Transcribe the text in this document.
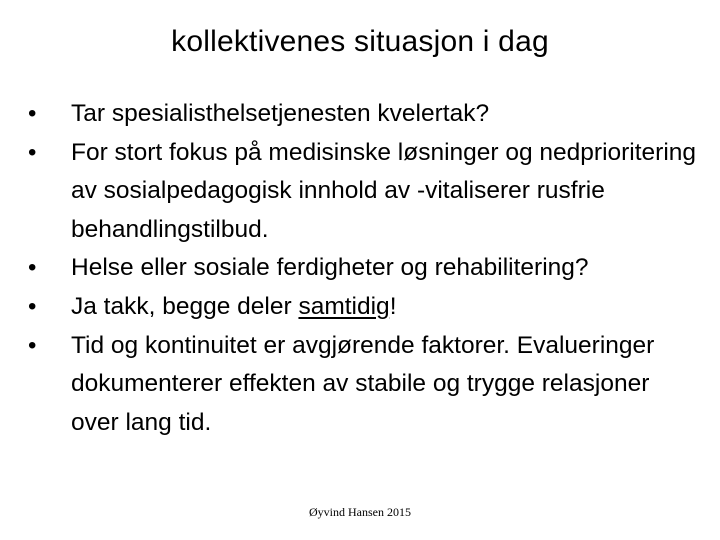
kollektivenes situasjon i dag
•	Tar spesialisthelsetjenesten kvelertak?
•	For stort fokus på medisinske løsninger og nedprioritering av sosialpedagogisk innhold av -vitaliserer rusfrie behandlingstilbud.
•	Helse eller sosiale ferdigheter og rehabilitering?
•	Ja takk, begge deler samtidig!
•	Tid og kontinuitet er avgjørende faktorer. Evalueringer dokumenterer effekten av stabile og trygge relasjoner over lang tid.
Øyvind Hansen 2015
